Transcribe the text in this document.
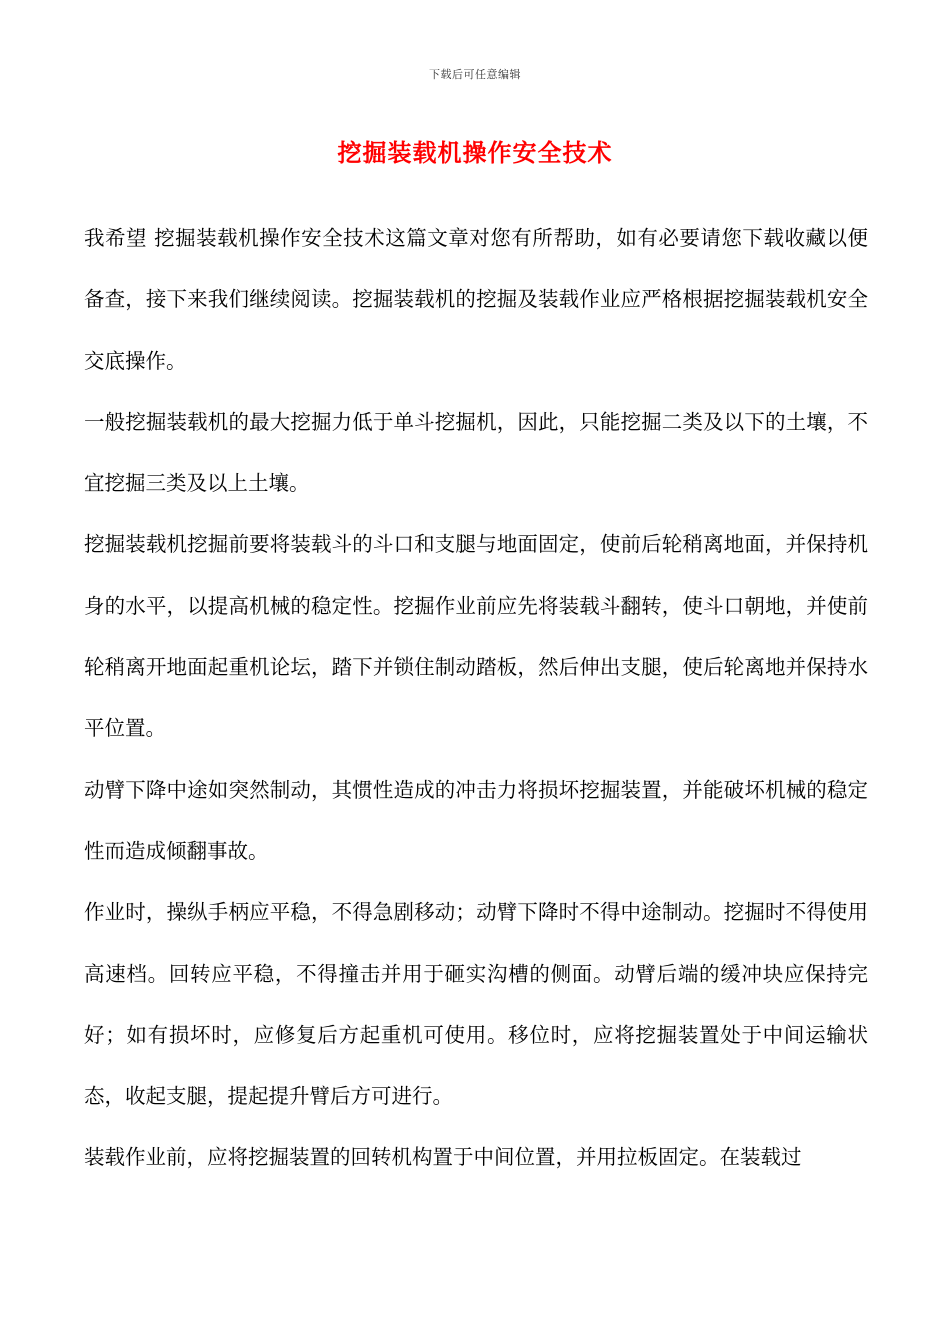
下载后可任意编辑
挖掘装载机操作安全技术

我希望 挖掘装载机操作安全技术这篇文章对您有所帮助，如有必要请您下载收藏以便备查，接下来我们继续阅读。挖掘装载机的挖掘及装载作业应严格根据挖掘装载机安全交底操作。

一般挖掘装载机的最大挖掘力低于单斗挖掘机，因此，只能挖掘二类及以下的土壤，不宜挖掘三类及以上土壤。

挖掘装载机挖掘前要将装载斗的斗口和支腿与地面固定，使前后轮稍离地面，并保持机身的水平，以提高机械的稳定性。挖掘作业前应先将装载斗翻转，使斗口朝地，并使前轮稍离开地面起重机论坛，踏下并锁住制动踏板，然后伸出支腿，使后轮离地并保持水平位置。

动臂下降中途如突然制动，其惯性造成的冲击力将损坏挖掘装置，并能破坏机械的稳定性而造成倾翻事故。

作业时，操纵手柄应平稳，不得急剧移动；动臂下降时不得中途制动。挖掘时不得使用高速档。回转应平稳，不得撞击并用于砸实沟槽的侧面。动臂后端的缓冲块应保持完好；如有损坏时，应修复后方起重机可使用。移位时，应将挖掘装置处于中间运输状态，收起支腿，提起提升臂后方可进行。

装载作业前，应将挖掘装置的回转机构置于中间位置，并用拉板固定。在装载过
